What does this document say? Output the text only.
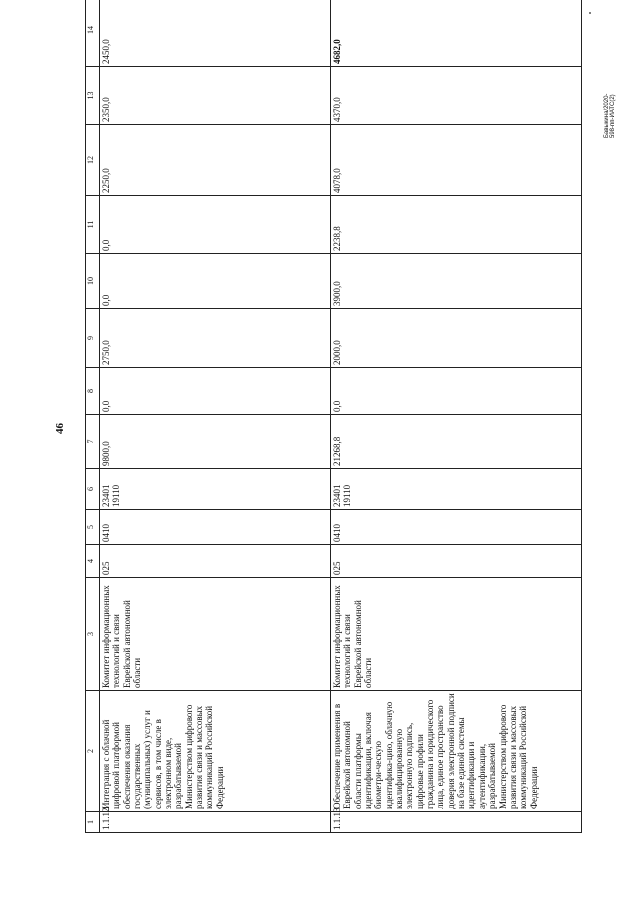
46
Бавыкина/2020-598-пп-ИАТС(2)
1	2	3	4	5	6	7	8	9	10	11	12	13	14
1.1.12	Интеграция с облачной цифровой платформой обеспечения оказания государственных (муниципальных) услуг и сервисов, в том числе в электронном виде, разрабатываемой Министерством цифрового развития связи и массовых коммуникаций Российской Федерации	Комитет информационных технологий и связи Еврейской автономной области	025	0410	23401 19110	9800,0	0,0	2750,0	0,0	0,0	2250,0	2350,0	2450,0
1.1.13	Обеспечение применения в Еврейской автономной области платформы идентификации, включая биометри-ческую идентифика-цию, облачную квалифицированную электронную подпись, цифровые профили гражданина и юридического лица, единое пространство доверия электронной подписи на базе единой системы идентификации и аутентификации, разрабатываемой Министерством цифрового развития связи и массовых коммуникаций Российской Федерации	Комитет информационных технологий и связи Еврейской автономной области	025	0410	23401 19110	21268,8	0,0	2000,0	3900,0	2238,8	4078,0	4370,0	4682,0
